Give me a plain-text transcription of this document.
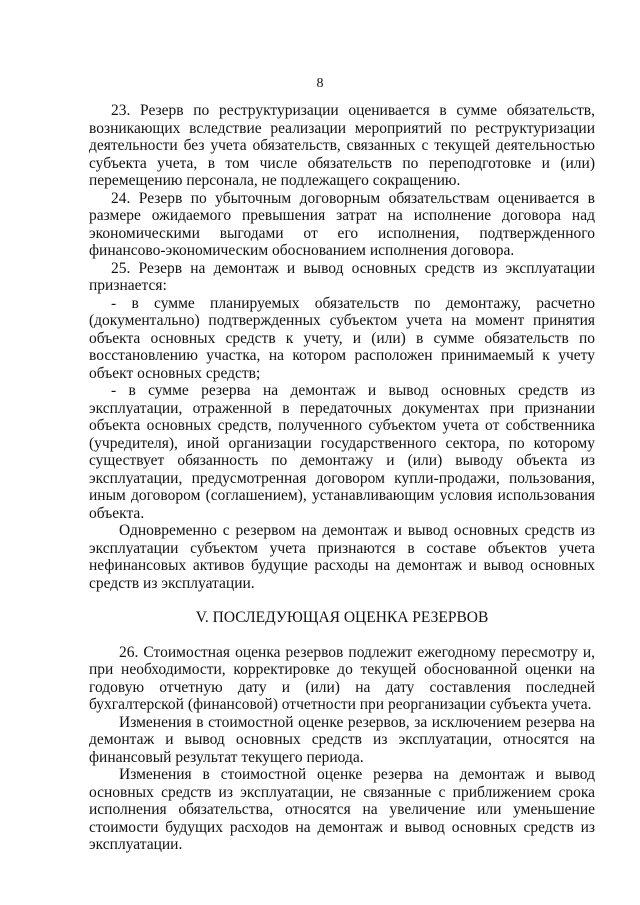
8

23. Резерв по реструктуризации оценивается в сумме обязательств, возникающих вследствие реализации мероприятий по реструктуризации деятельности без учета обязательств, связанных с текущей деятельностью субъекта учета, в том числе обязательств по переподготовке и (или) перемещению персонала, не подлежащего сокращению.

24. Резерв по убыточным договорным обязательствам оценивается в размере ожидаемого превышения затрат на исполнение договора над экономическими выгодами от его исполнения, подтвержденного финансово-экономическим обоснованием исполнения договора.

25. Резерв на демонтаж и вывод основных средств из эксплуатации признается:

- в сумме планируемых обязательств по демонтажу, расчетно (документально) подтвержденных субъектом учета на момент принятия объекта основных средств к учету, и (или) в сумме обязательств по восстановлению участка, на котором расположен принимаемый к учету объект основных средств;

- в сумме резерва на демонтаж и вывод основных средств из эксплуатации, отраженной в передаточных документах при признании объекта основных средств, полученного субъектом учета от собственника (учредителя), иной организации государственного сектора, по которому существует обязанность по демонтажу и (или) выводу объекта из эксплуатации, предусмотренная договором купли-продажи, пользования, иным договором (соглашением), устанавливающим условия использования объекта.

Одновременно с резервом на демонтаж и вывод основных средств из эксплуатации субъектом учета признаются в составе объектов учета нефинансовых активов будущие расходы на демонтаж и вывод основных средств из эксплуатации.

V. ПОСЛЕДУЮЩАЯ ОЦЕНКА РЕЗЕРВОВ

26. Стоимостная оценка резервов подлежит ежегодному пересмотру и, при необходимости, корректировке до текущей обоснованной оценки на годовую отчетную дату и (или) на дату составления последней бухгалтерской (финансовой) отчетности при реорганизации субъекта учета.

Изменения в стоимостной оценке резервов, за исключением резерва на демонтаж и вывод основных средств из эксплуатации, относятся на финансовый результат текущего периода.

Изменения в стоимостной оценке резерва на демонтаж и вывод основных средств из эксплуатации, не связанные с приближением срока исполнения обязательства, относятся на увеличение или уменьшение стоимости будущих расходов на демонтаж и вывод основных средств из эксплуатации.
